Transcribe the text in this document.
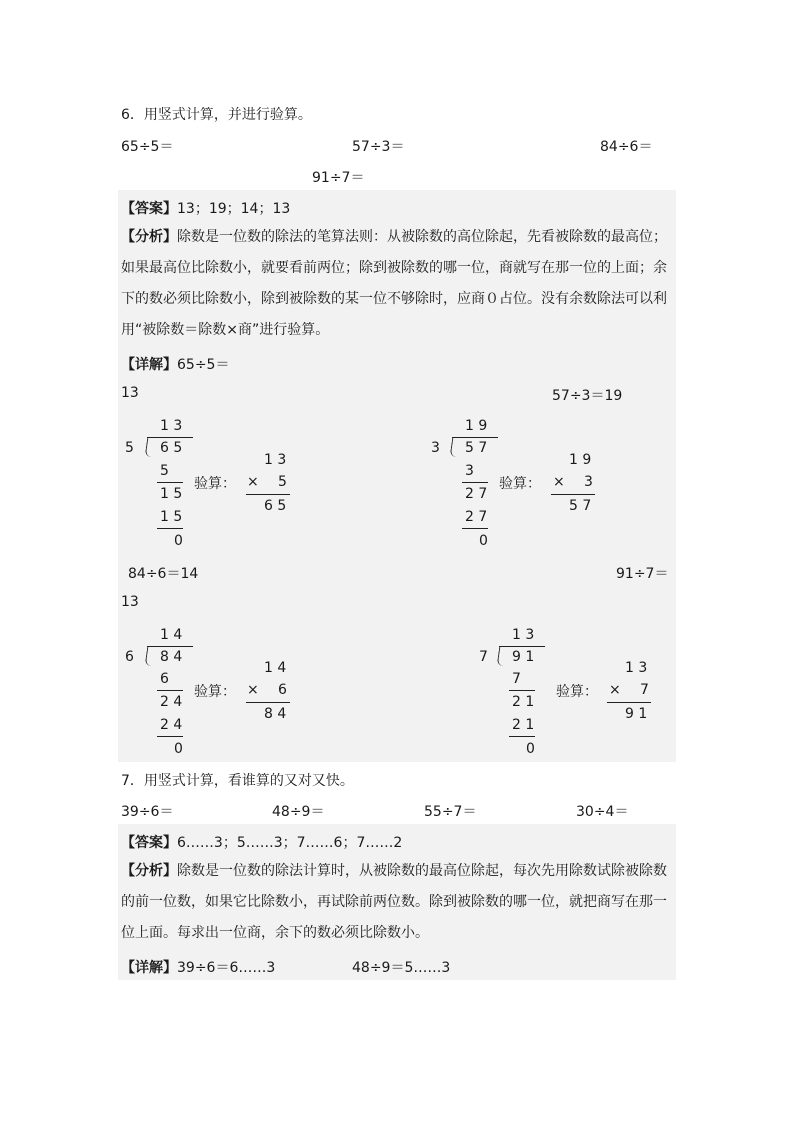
6．用竖式计算，并进行验算。
65÷5＝	57÷3＝	84÷6＝
91÷7＝
【答案】13；19；14；13
【分析】除数是一位数的除法的笔算法则：从被除数的高位除起，先看被除数的最高位；如果最高位比除数小，就要看前两位；除到被除数的哪一位，商就写在那一位的上面；余下的数必须比除数小，除到被除数的某一位不够除时，应商０占位。没有余数除法可以利用“被除数＝除数×商”进行验算。
【详解】65÷5＝
13	57÷3＝19
1 3
5 6 5
5
1 5
1 5
0
验算：
1 3
× 5
6 5
1 9
3 5 7
3
2 7
2 7
0
验算：
1 9
× 3
5 7
84÷6＝14	91÷7＝
13
1 4
6 8 4
6
2 4
2 4
0
验算：
1 4
× 6
8 4
1 3
7 9 1
7
2 1
2 1
0
验算：
1 3
× 7
9 1
7．用竖式计算，看谁算的又对又快。
39÷6＝	48÷9＝	55÷7＝	30÷4＝
【答案】6……3；5……3；7……6；7……2
【分析】除数是一位数的除法计算时，从被除数的最高位除起，每次先用除数试除被除数的前一位数，如果它比除数小，再试除前两位数。除到被除数的哪一位，就把商写在那一位上面。每求出一位商，余下的数必须比除数小。
【详解】39÷6＝6……3	48÷9＝5……3
